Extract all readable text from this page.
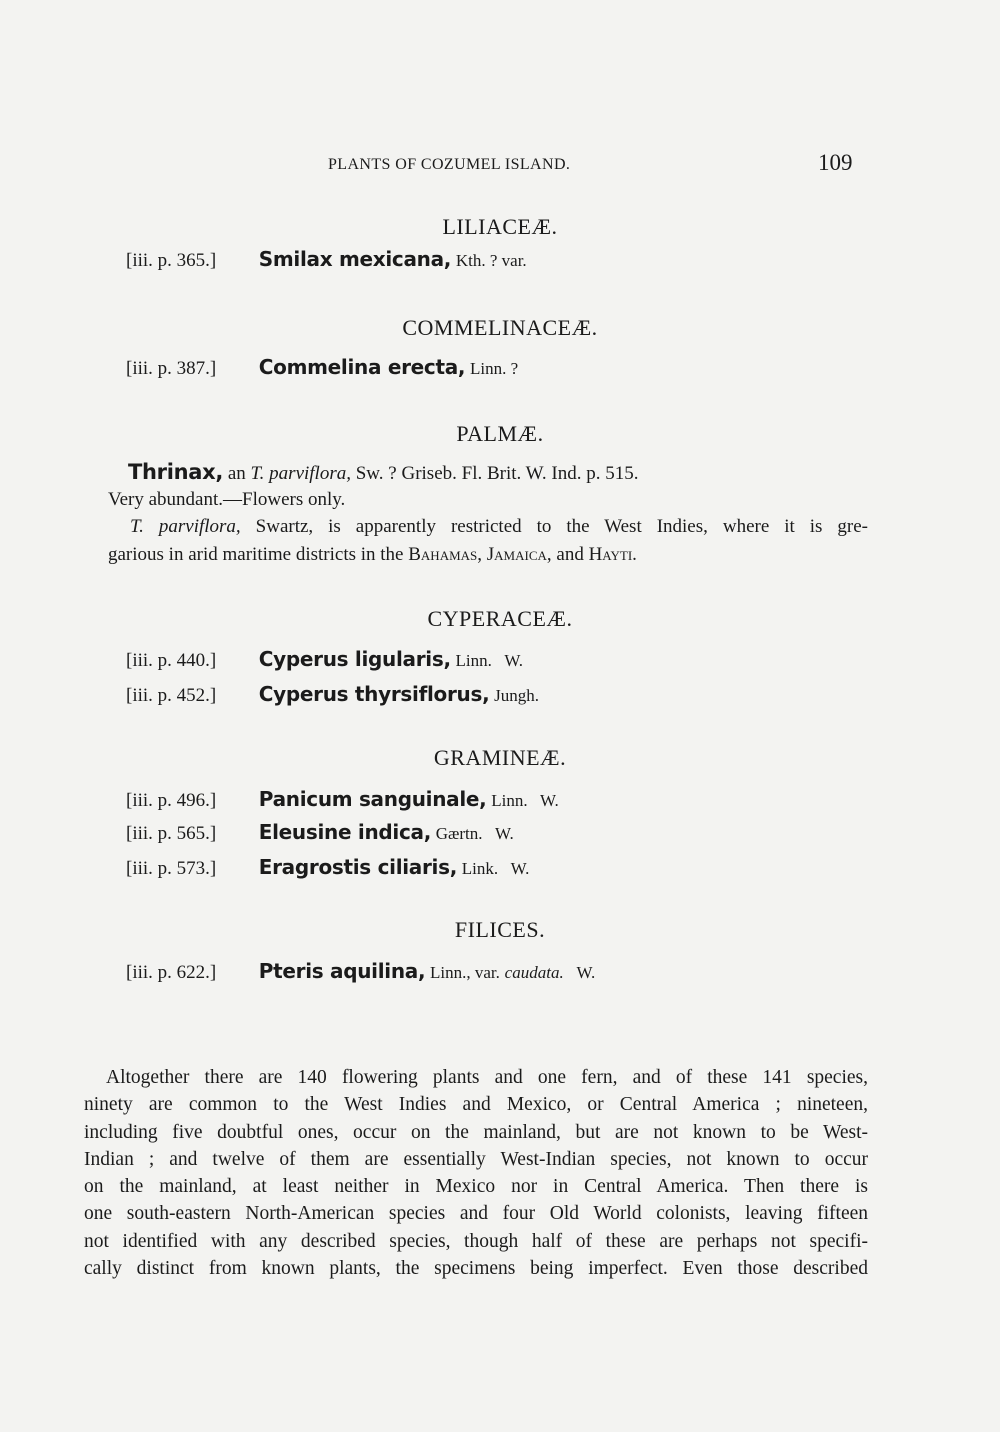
PLANTS OF COZUMEL ISLAND.	109
LILIACEÆ.
[iii. p. 365.] Smilax mexicana, Kth. ? var.
COMMELINACEÆ.
[iii. p. 387.] Commelina erecta, Linn. ?
PALMÆ.
Thrinax, an T. parviflora, Sw. ? Griseb. Fl. Brit. W. Ind. p. 515.
Very abundant.—Flowers only.
T. parviflora, Swartz, is apparently restricted to the West Indies, where it is gre-
garious in arid maritime districts in the Bahamas, Jamaica, and Hayti.
CYPERACEÆ.
[iii. p. 440.] Cyperus ligularis, Linn.   W.
[iii. p. 452.] Cyperus thyrsiflorus, Jungh.
GRAMINEÆ.
[iii. p. 496.] Panicum sanguinale, Linn.   W.
[iii. p. 565.] Eleusine indica, Gærtn.   W.
[iii. p. 573.] Eragrostis ciliaris, Link.   W.
FILICES.
[iii. p. 622.] Pteris aquilina, Linn., var. caudata. W.
Altogether there are 140 flowering plants and one fern, and of these 141 species,
ninety are common to the West Indies and Mexico, or Central America ; nineteen,
including five doubtful ones, occur on the mainland, but are not known to be West-
Indian ; and twelve of them are essentially West-Indian species, not known to occur
on the mainland, at least neither in Mexico nor in Central America. Then there is
one south-eastern North-American species and four Old World colonists, leaving fifteen
not identified with any described species, though half of these are perhaps not specifi-
cally distinct from known plants, the specimens being imperfect. Even those described
